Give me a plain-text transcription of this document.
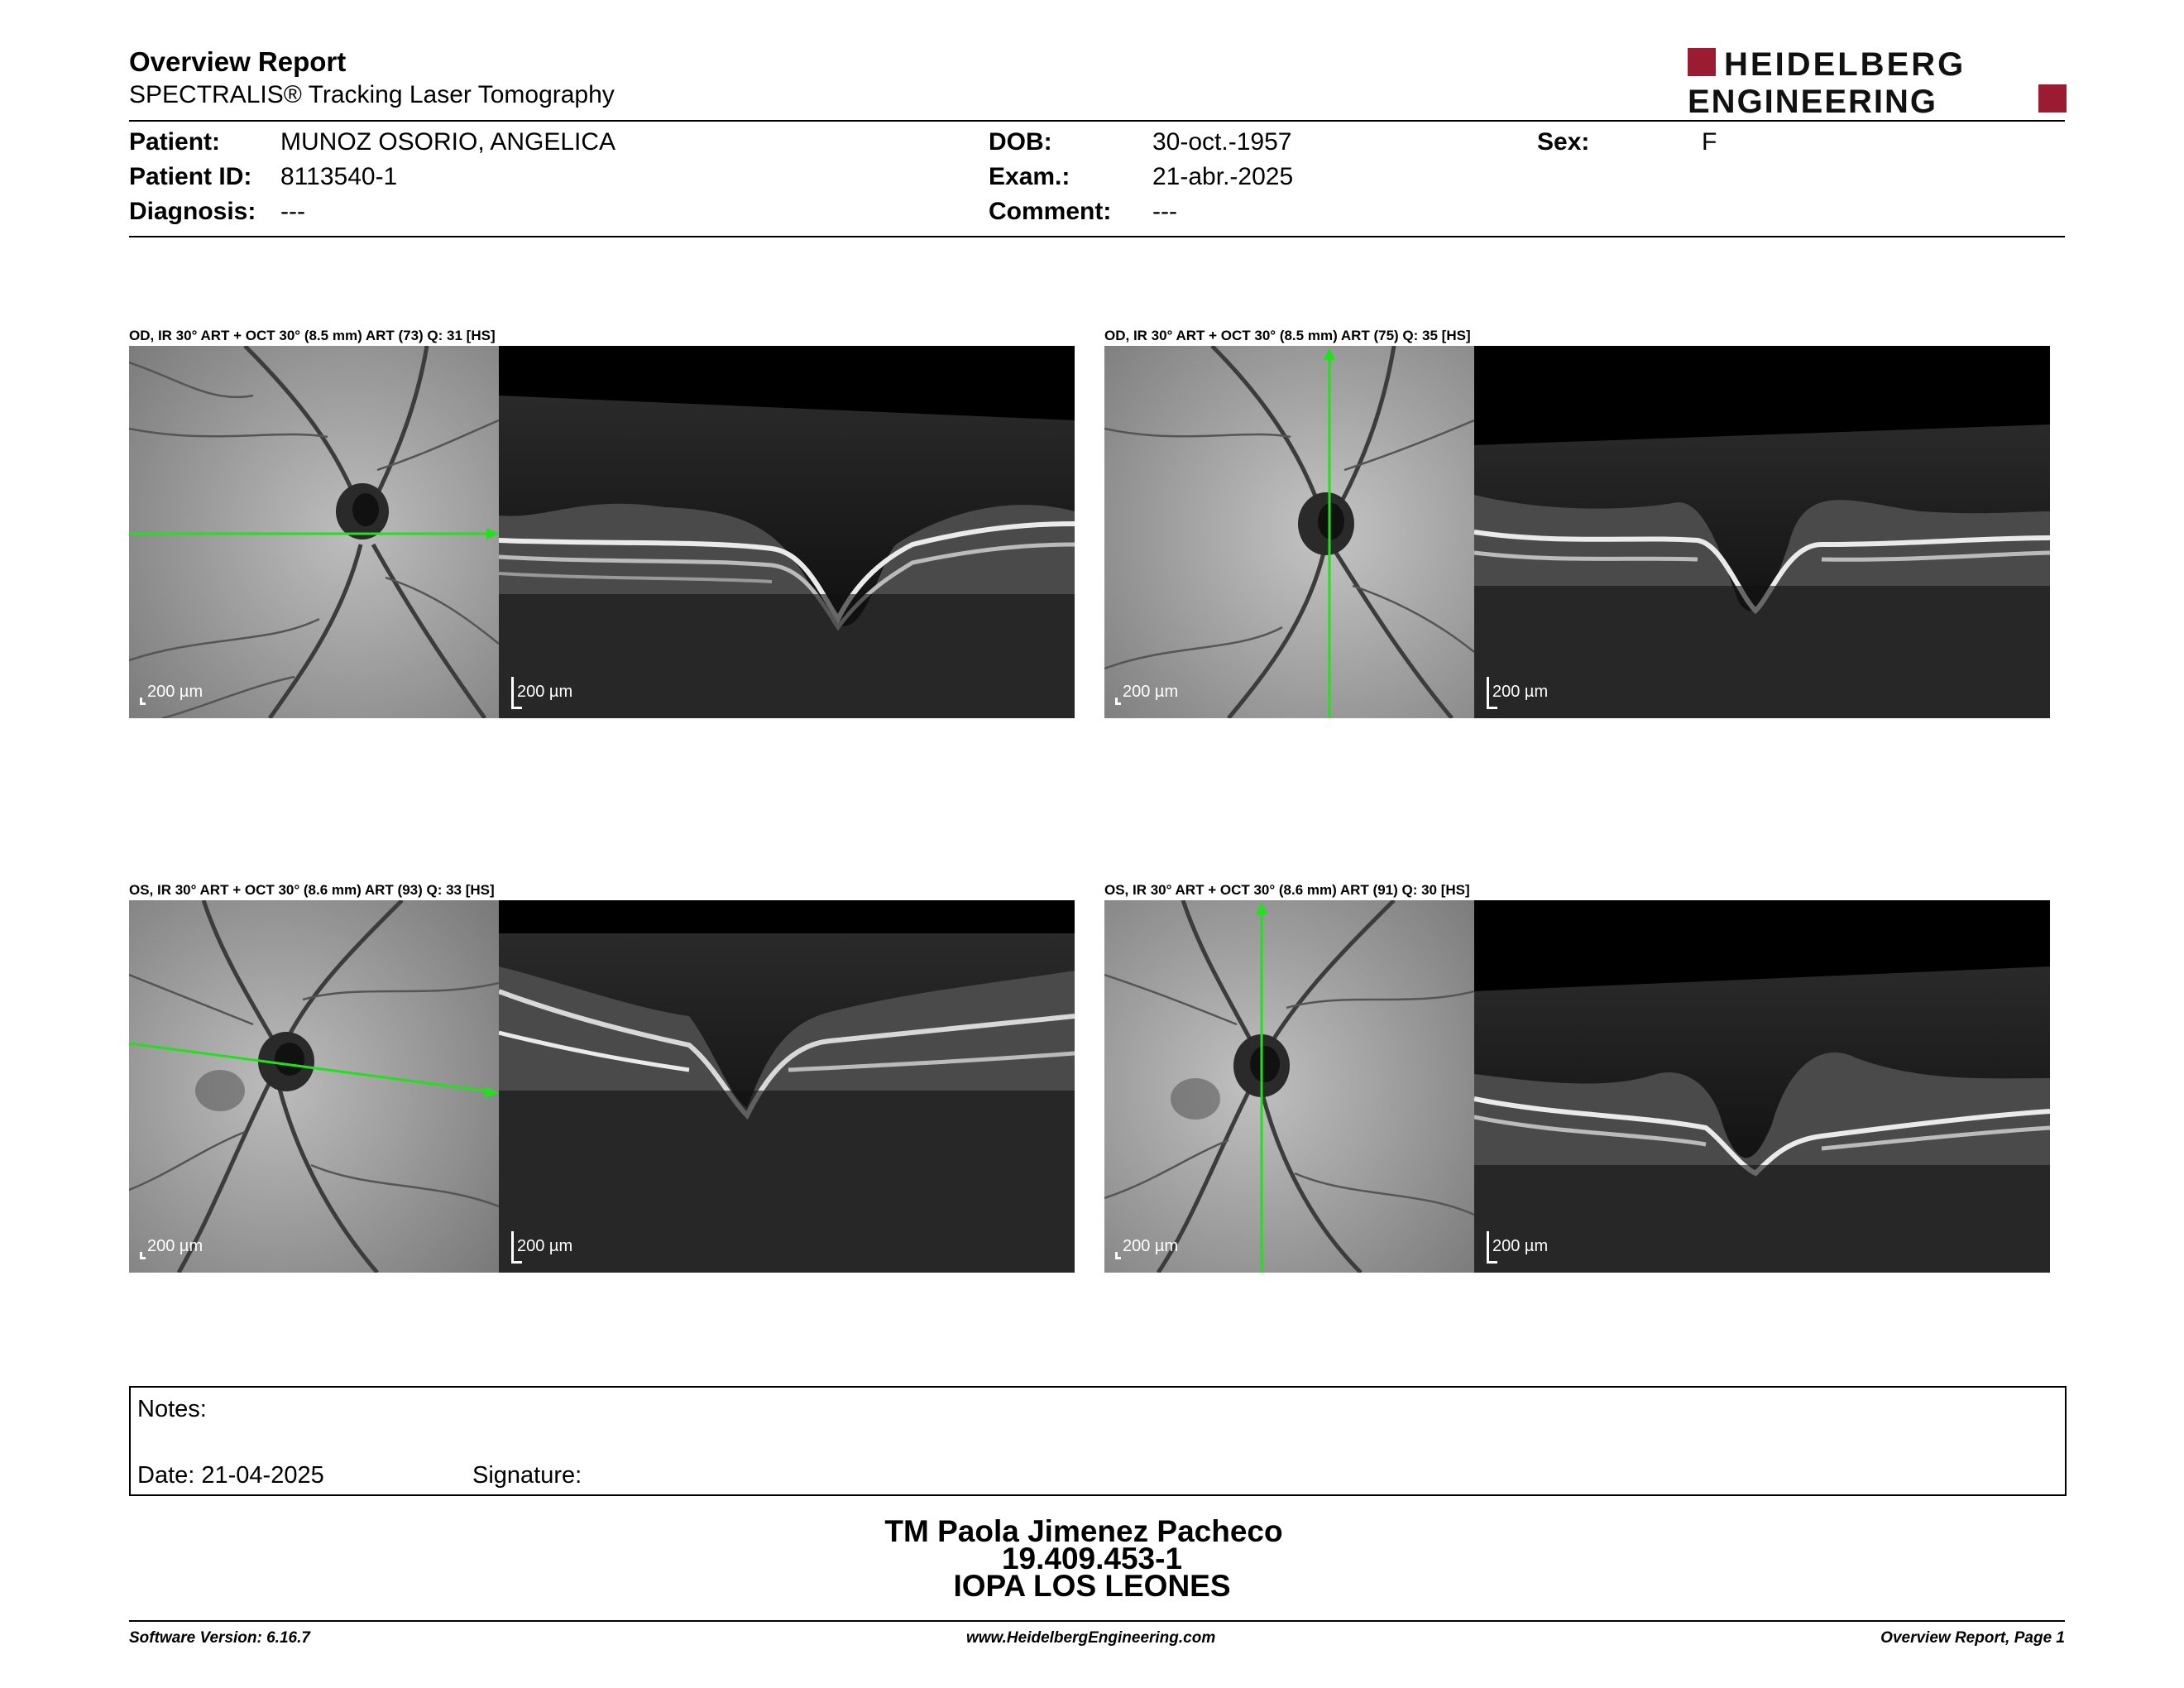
Overview Report
SPECTRALIS® Tracking Laser Tomography
HEIDELBERG
ENGINEERING
Patient: MUNOZ OSORIO, ANGELICA
Patient ID: 8113540-1
Diagnosis: ---
DOB:	30-oct.-1957
Exam.:	21-abr.-2025
Comment: ---
Sex:	F
OD, IR 30° ART + OCT 30° (8.5 mm) ART (73) Q: 31 [HS]	OD, IR 30° ART + OCT 30° (8.5 mm) ART (75) Q: 35 [HS]
OS, IR 30° ART + OCT 30° (8.6 mm) ART (93) Q: 33 [HS]	OS, IR 30° ART + OCT 30° (8.6 mm) ART (91) Q: 30 [HS]
200 µm	200 µm	200 µm	200 µm
200 µm	200 µm	200 µm	200 µm
Notes:
Date: 21-04-2025	Signature:
TM Paola Jimenez Pacheco
19.409.453-1
IOPA LOS LEONES
Software Version: 6.16.7	www.HeidelbergEngineering.com	Overview Report, Page 1
